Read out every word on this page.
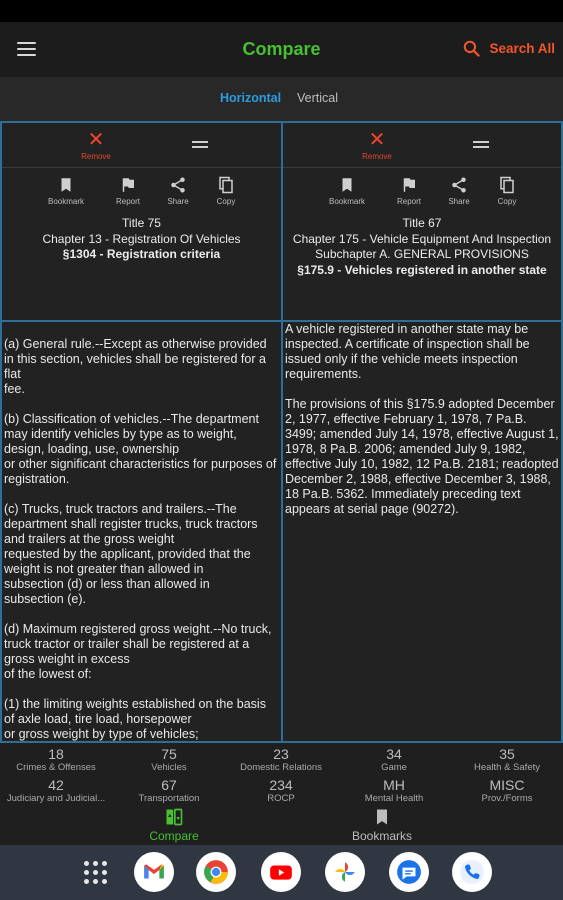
Compare	Search All
Horizontal Vertical
✕
Remove
Bookmark	Report	Share	Copy
Title 75
Chapter 13 - Registration Of Vehicles
§1304 - Registration criteria

(a) General rule.--Except as otherwise provided in this section, vehicles shall be registered for a flat
fee.

(b) Classification of vehicles.--The department may identify vehicles by type as to weight,
design, loading, use, ownership
or other significant characteristics for purposes of registration.

(c) Trucks, truck tractors and trailers.--The department shall register trucks, truck tractors and trailers at the gross weight
requested by the applicant, provided that the weight is not greater than allowed in
subsection (d) or less than allowed in
subsection (e).

(d) Maximum registered gross weight.--No truck, truck tractor or trailer shall be registered at a gross weight in excess
of the lowest of:

(1) the limiting weights established on the basis of axle load, tire load, horsepower
or gross weight by type of vehicles;

✕
Remove
Bookmark	Report	Share	Copy
Title 67
Chapter 175 - Vehicle Equipment And Inspection
Subchapter A. GENERAL PROVISIONS
§175.9 - Vehicles registered in another state

A vehicle registered in another state may be inspected. A certificate of inspection shall be issued only if the vehicle meets inspection requirements.

The provisions of this §175.9 adopted December 2, 1977, effective February 1, 1978, 7 Pa.B. 3499; amended July 14, 1978, effective August 1, 1978, 8 Pa.B. 2006; amended July 9, 1982, effective July 10, 1982, 12 Pa.B. 2181; readopted December 2, 1988, effective December 3, 1988, 18 Pa.B. 5362. Immediately preceding text appears at serial page (90272).

18
Crimes & Offenses
75
Vehicles
23
Domestic Relations
34
Game
35
Health & Safety
42
Judiciary and Judicial...
67
Transportation
234
ROCP
MH
Mental Health
MISC
Prov./Forms
Compare	Bookmarks
